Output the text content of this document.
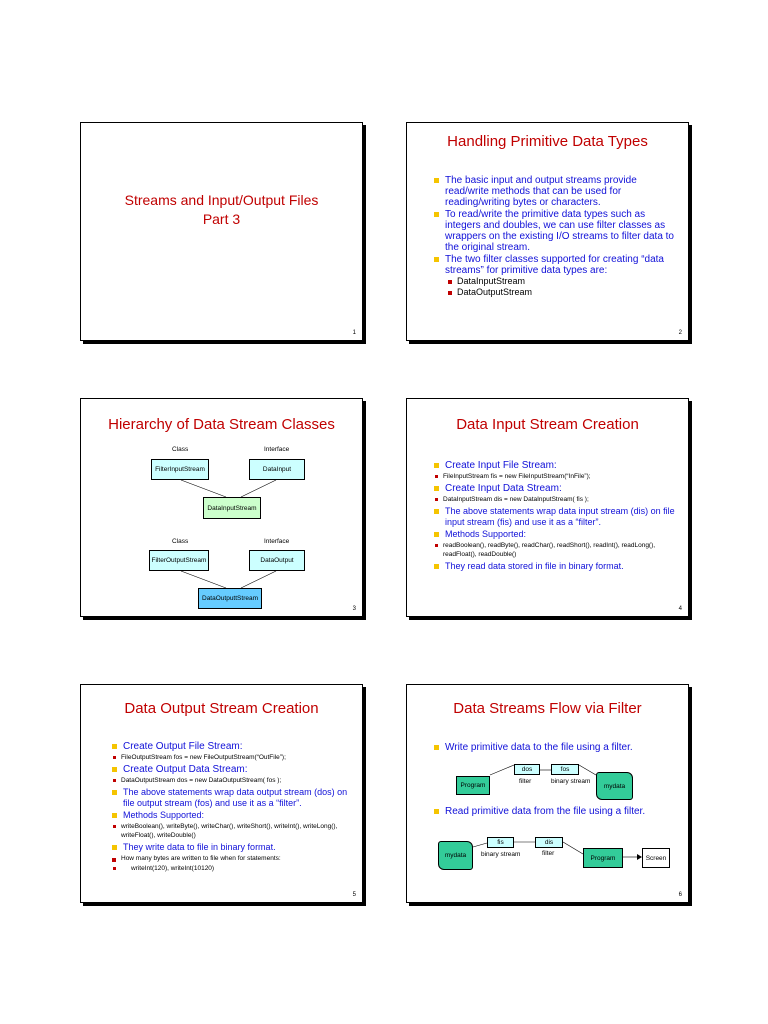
Streams and Input/Output Files
Part 3
1
Handling Primitive Data Types
The basic input and output streams provide read/write methods that can be used for reading/writing bytes or characters.
To read/write the primitive data types such as integers and doubles, we can use filter classes as wrappers on the existing I/O streams to filter data to the original stream.
The two filter classes supported for creating “data streams” for primitive data types are:
DataInputStream
DataOutputStream
2
Hierarchy of Data Stream Classes
Class	Interface
FilterInputStream	DataInput
DataInputStream
Class	Interface
FilterOutputStream	DataOutput
DataOutputtStream
3
Data Input Stream Creation
Create Input File Stream:
FileInputStream fis = new FileInputStream(“InFile”);
Create Input Data Stream:
DataInputStream dis = new DataInputStream( fis );
The above statements wrap data input stream (dis) on file input stream (fis) and use it as a “filter”.
Methods Supported:
readBoolean(), readByte(), readChar(), readShort(), readInt(), readLong(), readFloat(), readDouble()
They read data stored in file in binary format.
4
Data Output Stream Creation
Create Output File Stream:
FileOutputStream fos = new FileOutputStream(“OutFile”);
Create Output Data Stream:
DataOutputStream dos = new DataOutputStream( fos );
The above statements wrap data output stream (dos) on file output stream (fos) and use it as a “filter”.
Methods Supported:
writeBoolean(), writeByte(), writeChar(), writeShort(), writeInt(), writeLong(), writeFloat(), writeDouble()
They write data to file in binary format.
How many bytes are written to file when for statements:
writeInt(120), writeInt(10120)
5
Data Streams Flow via Filter
Write primitive data to the file using a filter.
Read primitive data from the file using a filter.
Program
dos	fos
filter	binary stream
mydata
mydata
fis	dis
binary stream	filter
Program	Screen
6
